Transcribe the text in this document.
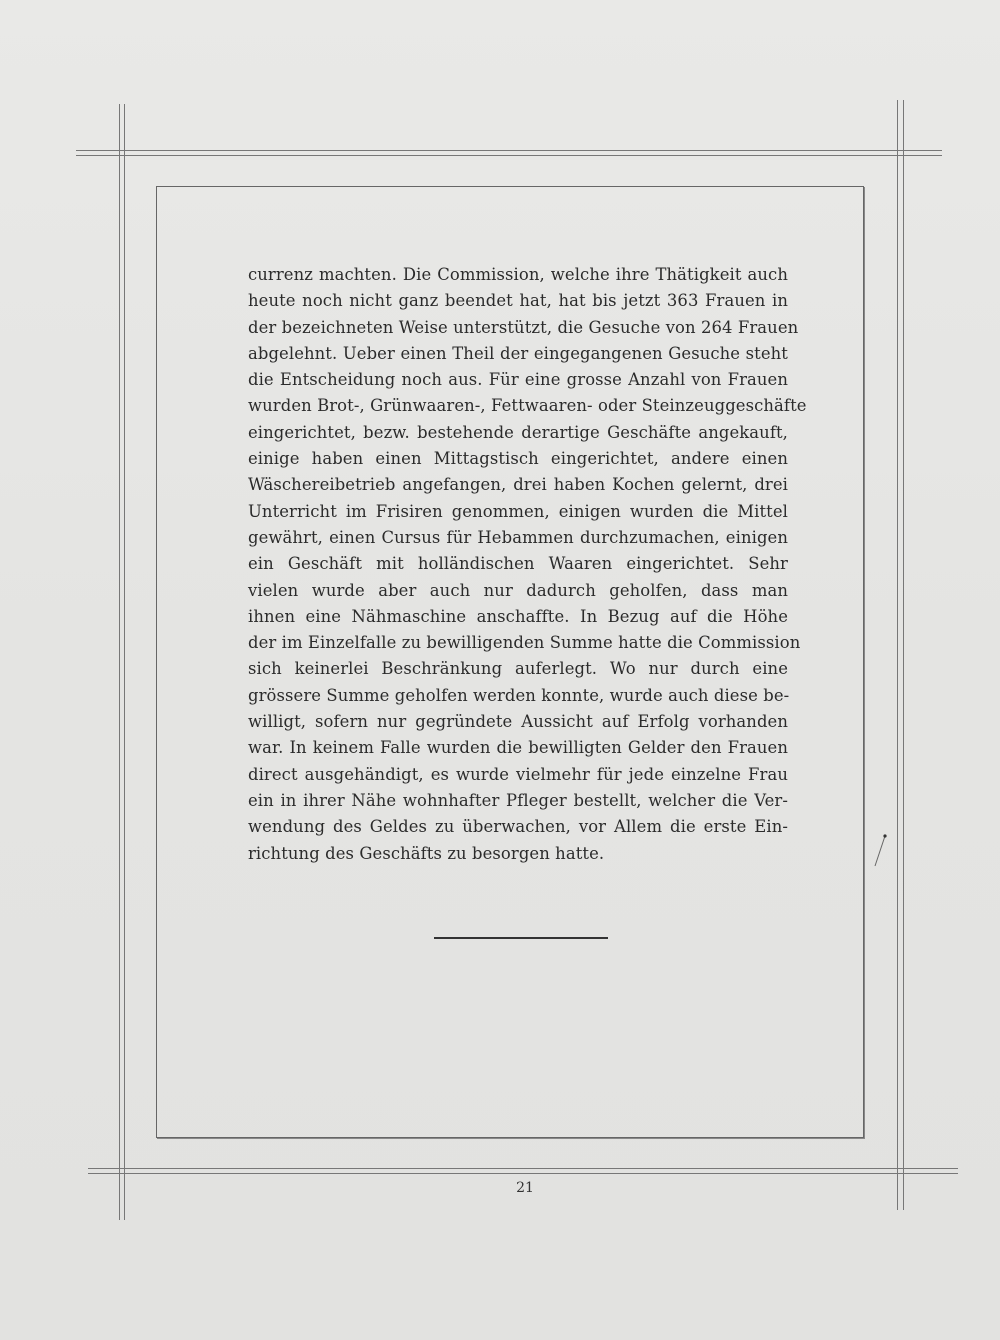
currenz machten. Die Commission, welche ihre Thätigkeit auch
heute noch nicht ganz beendet hat, hat bis jetzt 363 Frauen in
der bezeichneten Weise unterstützt, die Gesuche von 264 Frauen
abgelehnt. Ueber einen Theil der eingegangenen Gesuche steht
die Entscheidung noch aus. Für eine grosse Anzahl von Frauen
wurden Brot-, Grünwaaren-, Fettwaaren- oder Steinzeuggeschäfte
eingerichtet, bezw. bestehende derartige Geschäfte angekauft,
einige haben einen Mittagstisch eingerichtet, andere einen
Wäschereibetrieb angefangen, drei haben Kochen gelernt, drei
Unterricht im Frisiren genommen, einigen wurden die Mittel
gewährt, einen Cursus für Hebammen durchzumachen, einigen
ein Geschäft mit holländischen Waaren eingerichtet. Sehr
vielen wurde aber auch nur dadurch geholfen, dass man
ihnen eine Nähmaschine anschaffte. In Bezug auf die Höhe
der im Einzelfalle zu bewilligenden Summe hatte die Commission
sich keinerlei Beschränkung auferlegt. Wo nur durch eine
grössere Summe geholfen werden konnte, wurde auch diese be-
willigt, sofern nur gegründete Aussicht auf Erfolg vorhanden
war. In keinem Falle wurden die bewilligten Gelder den Frauen
direct ausgehändigt, es wurde vielmehr für jede einzelne Frau
ein in ihrer Nähe wohnhafter Pfleger bestellt, welcher die Ver-
wendung des Geldes zu überwachen, vor Allem die erste Ein-
richtung des Geschäfts zu besorgen hatte.
21
